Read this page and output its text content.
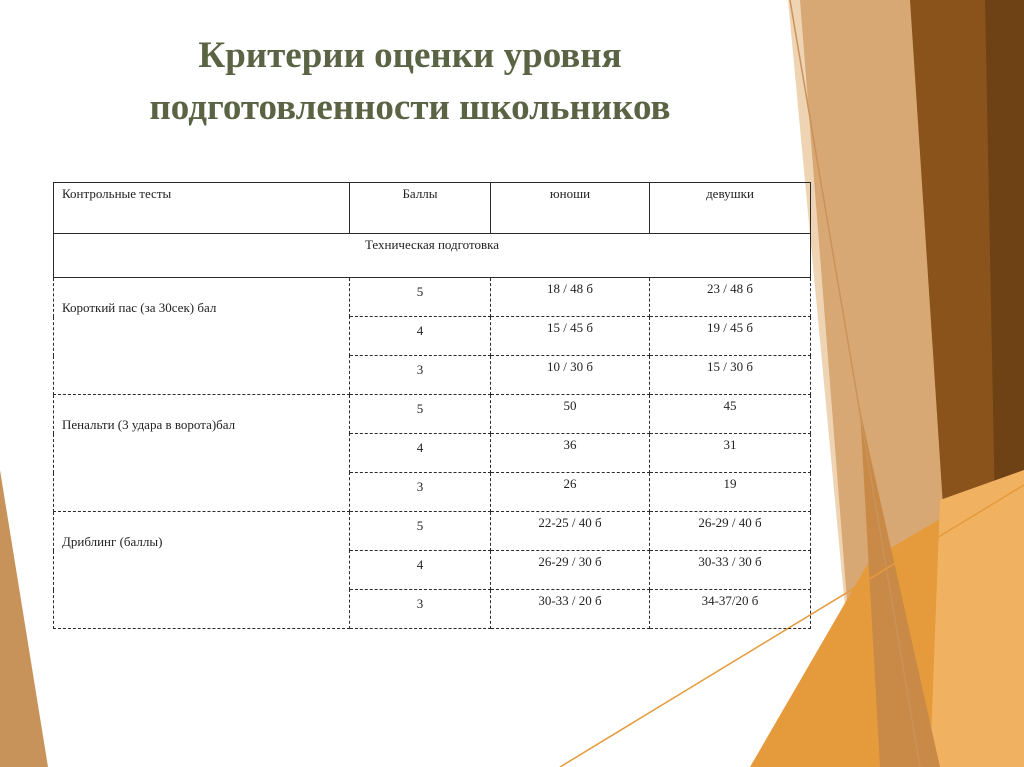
Критерии оценки уровня
подготовленности школьников
Контрольные тесты	Баллы	юноши	девушки
Техническая подготовка			
Короткий пас (за 30сек) бал	5	18 / 48 б	23 / 48 б
	4	15 / 45 б	19 / 45 б
	3	10 / 30 б	15 / 30 б
Пенальти (3 удара в ворота)бал	5	50	45
	4	36	31
	3	26	19
Дриблинг (баллы)	5	22-25 / 40 б	26-29 / 40 б
	4	26-29 / 30 б	30-33 / 30 б
	3	30-33 / 20 б	34-37/20 б
